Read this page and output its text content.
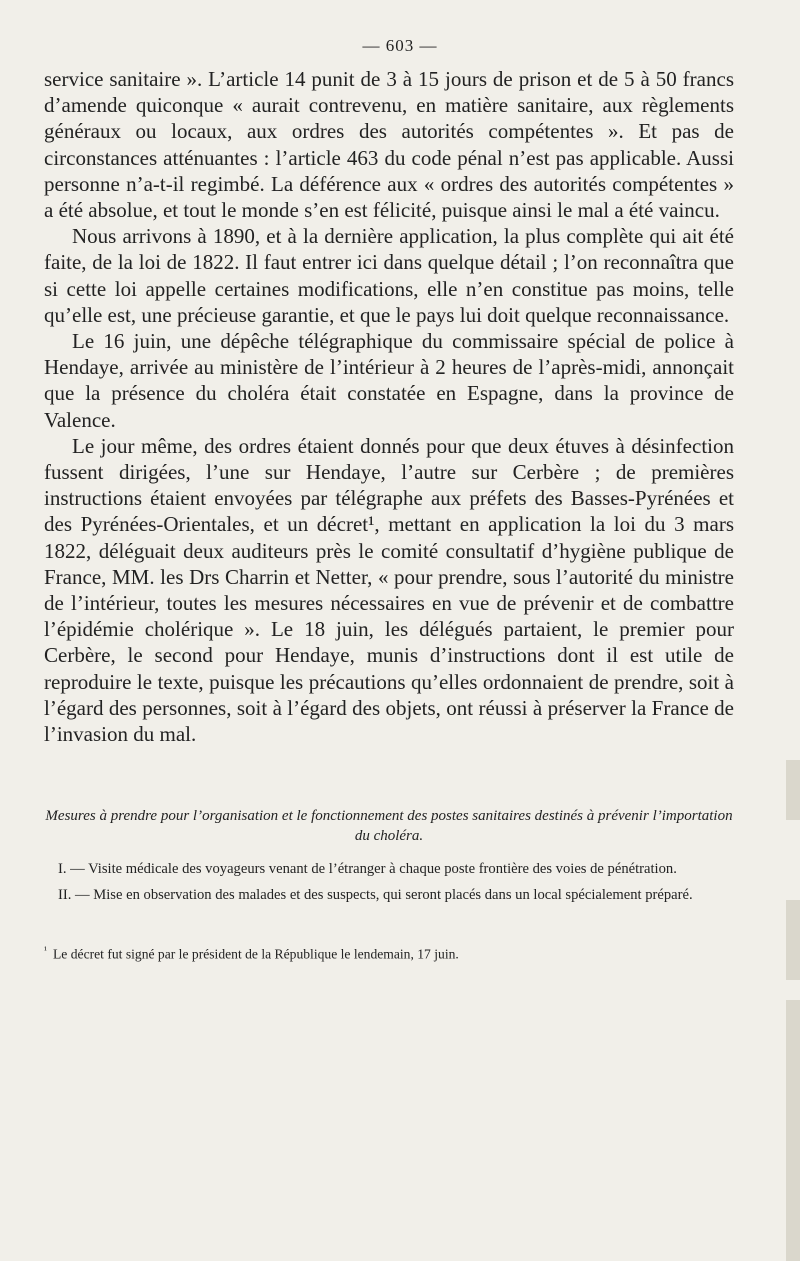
— 603 —

service sanitaire ». L’article 14 punit de 3 à 15 jours de prison et de 5 à 50 francs d’amende quiconque « aurait contrevenu, en matière sanitaire, aux règlements généraux ou locaux, aux ordres des autorités compétentes ». Et pas de circonstances atténuantes : l’article 463 du code pénal n’est pas applicable. Aussi personne n’a-t-il regimbé. La déférence aux « ordres des autorités compétentes » a été absolue, et tout le monde s’en est félicité, puisque ainsi le mal a été vaincu.

Nous arrivons à 1890, et à la dernière application, la plus complète qui ait été faite, de la loi de 1822. Il faut entrer ici dans quelque détail ; l’on reconnaîtra que si cette loi appelle certaines modifications, elle n’en constitue pas moins, telle qu’elle est, une précieuse garantie, et que le pays lui doit quelque reconnaissance.

Le 16 juin, une dépêche télégraphique du commissaire spécial de police à Hendaye, arrivée au ministère de l’intérieur à 2 heures de l’après-midi, annonçait que la présence du choléra était constatée en Espagne, dans la province de Valence.

Le jour même, des ordres étaient donnés pour que deux étuves à désinfection fussent dirigées, l’une sur Hendaye, l’autre sur Cerbère ; de premières instructions étaient envoyées par télégraphe aux préfets des Basses-Pyrénées et des Pyrénées-Orientales, et un décret¹, mettant en application la loi du 3 mars 1822, déléguait deux auditeurs près le comité consultatif d’hygiène publique de France, MM. les Drs Charrin et Netter, « pour prendre, sous l’autorité du ministre de l’intérieur, toutes les mesures nécessaires en vue de prévenir et de combattre l’épidémie cholérique ». Le 18 juin, les délégués partaient, le premier pour Cerbère, le second pour Hendaye, munis d’instructions dont il est utile de reproduire le texte, puisque les précautions qu’elles ordonnaient de prendre, soit à l’égard des personnes, soit à l’égard des objets, ont réussi à préserver la France de l’invasion du mal.

Mesures à prendre pour l’organisation et le fonctionnement des postes sanitaires destinés à prévenir l’importation du choléra.

I. — Visite médicale des voyageurs venant de l’étranger à chaque poste frontière des voies de pénétration.

II. — Mise en observation des malades et des suspects, qui seront placés dans un local spécialement préparé.

$^{^1}$ Le décret fut signé par le président de la République le lendemain, 17 juin.
